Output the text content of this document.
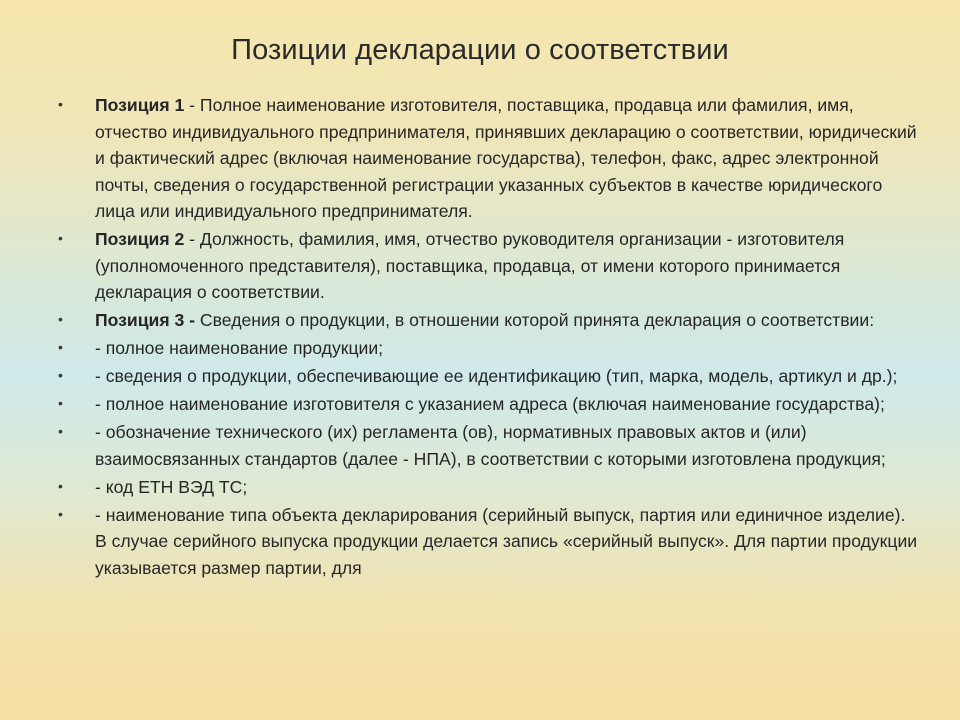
Позиции декларации о соответствии
• Позиция 1 - Полное наименование изготовителя, поставщика, продавца или фамилия, имя, отчество индивидуального предпринимателя, принявших декларацию о соответствии, юридический и фактический адрес (включая наименование государства), телефон, факс, адрес электронной почты, сведения о государственной регистрации указанных субъектов в качестве юридического лица или индивидуального предпринимателя.
• Позиция 2 - Должность, фамилия, имя, отчество руководителя организации - изготовителя (уполномоченного представителя), поставщика, продавца, от имени которого принимается декларация о соответствии.
• Позиция 3 - Сведения о продукции, в отношении которой принята декларация о соответствии:
• - полное наименование продукции;
• - сведения о продукции, обеспечивающие ее идентификацию (тип, марка, модель, артикул и др.);
• - полное наименование изготовителя с указанием адреса (включая наименование государства);
• - обозначение технического (их) регламента (ов), нормативных правовых актов и (или) взаимосвязанных стандартов (далее - НПА), в соответствии с которыми изготовлена продукция;
• - код ЕТН ВЭД ТС;
• - наименование типа объекта декларирования (серийный выпуск, партия или единичное изделие). В случае серийного выпуска продукции делается запись «серийный выпуск». Для партии продукции указывается размер партии, для
